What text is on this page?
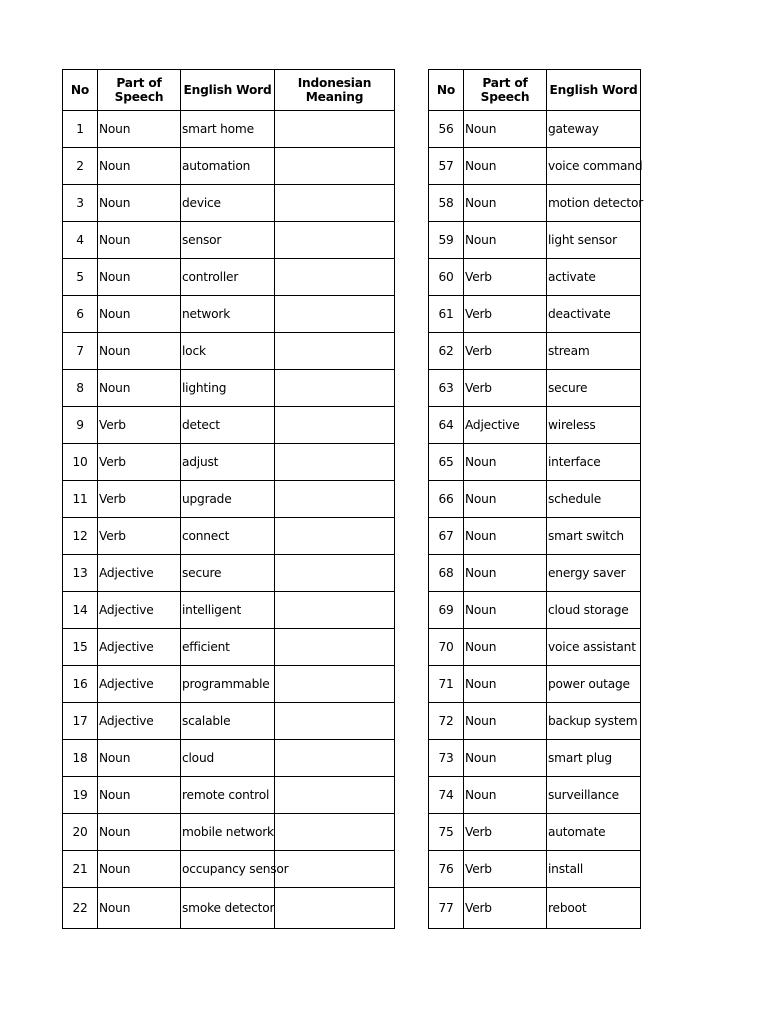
No	Part of Speech	English Word	Indonesian Meaning
1	Noun	smart home	
2	Noun	automation	
3	Noun	device	
4	Noun	sensor	
5	Noun	controller	
6	Noun	network	
7	Noun	lock	
8	Noun	lighting	
9	Verb	detect	
10	Verb	adjust	
11	Verb	upgrade	
12	Verb	connect	
13	Adjective	secure	
14	Adjective	intelligent	
15	Adjective	efficient	
16	Adjective	programmable	
17	Adjective	scalable	
18	Noun	cloud	
19	Noun	remote control	
20	Noun	mobile network	
21	Noun	occupancy sensor	
22	Noun	smoke detector	
No	Part of Speech	English Word
56	Noun	gateway
57	Noun	voice command
58	Noun	motion detector
59	Noun	light sensor
60	Verb	activate
61	Verb	deactivate
62	Verb	stream
63	Verb	secure
64	Adjective	wireless
65	Noun	interface
66	Noun	schedule
67	Noun	smart switch
68	Noun	energy saver
69	Noun	cloud storage
70	Noun	voice assistant
71	Noun	power outage
72	Noun	backup system
73	Noun	smart plug
74	Noun	surveillance
75	Verb	automate
76	Verb	install
77	Verb	reboot
